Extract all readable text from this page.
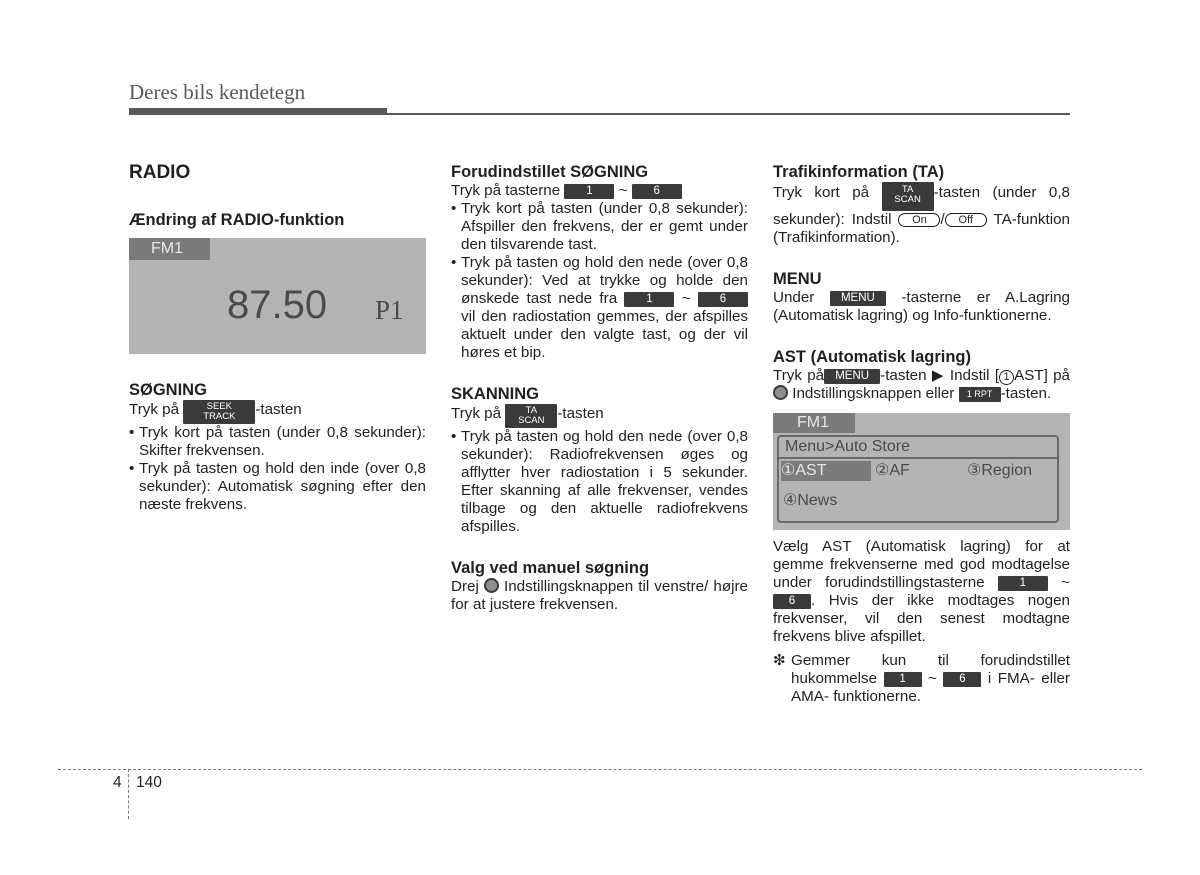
Deres bils kendetegn
RADIO
Ændring af RADIO-funktion
FM1
87.50 P1
SØGNING

Tryk på	SEEK
TRACK -tasten

• Tryk kort på tasten (under 0,8 sekunder): Skifter frekvensen.
• Tryk på tasten og hold den inde (over 0,8 sekunder): Automatisk søgning efter den næste frekvens.
Forudindstillet SØGNING

Tryk på tasterne 1 ~ 6

• Tryk kort på tasten (under 0,8 sekunder): Afspiller den frekvens, der er gemt under den tilsvarende tast.
• Tryk på tasten og hold den nede (over 0,8 sekunder): Ved at trykke og holde den ønskede tast nede fra	1 ~	6 vil den radiostation gemmes, der afspilles aktuelt under den valgte tast, og der vil høres et bip.
SKANNING

Tryk på	TA
SCAN -tasten

• Tryk på tasten og hold den nede (over 0,8 sekunder): Radiofrekvensen øges og afflytter hver radiostation i 5 sekunder. Efter skanning af alle frekvenser, vendes tilbage og den aktuelle radiofrekvens afspilles.
Valg ved manuel søgning

Drej Indstillingsknappen til venstre/ højre for at justere frekvensen.

Trafikinformation (TA)

Tryk kort på	TA
SCAN -tasten (under 0,8 sekunder): Indstil On / Off TA-funktion (Trafikinformation).

MENU

Under MENU -tasterne er A.Lagring (Automatisk lagring) og Info-funktionerne.

AST (Automatisk lagring)

Tryk på MENU -tasten ▶ Indstil [ 1 AST] på  Indstillingsknappen eller 1 RPT -tasten.

FM1
Menu>Auto Store
①AST	②AF	③Region
④News

Vælg AST (Automatisk lagring) for at gemme frekvenserne med god modtagelse under forudindstillingstasterne	1 ~ 6 . Hvis der ikke modtages nogen frekvenser, vil den senest modtagne frekvens blive afspillet.

❇ Gemmer kun til forudindstillet hukommelse 1 ~ 6 i FMA- eller AMA- funktionerne.
4 140
